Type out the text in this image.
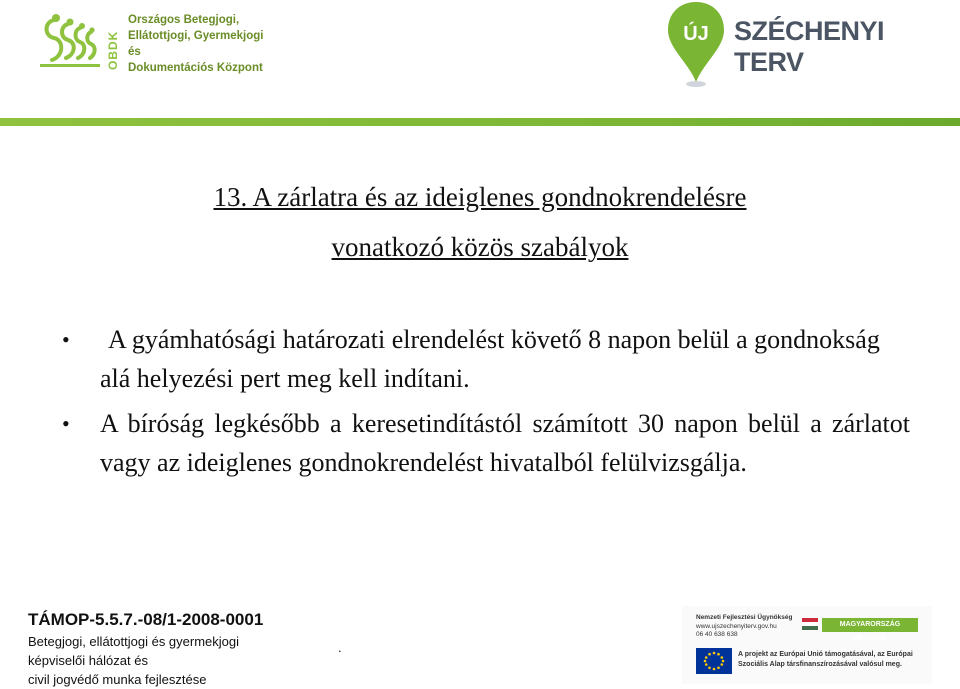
OBDK
Országos Betegjogi,
Ellátottjogi, Gyermekjogi és
Dokumentációs Központ
ÚJ SZÉCHENYI TERV
13. A zárlatra és az ideiglenes gondnokrendelésre
vonatkozó közös szabályok
• A gyámhatósági határozati elrendelést követő 8 napon belül a gondnokság alá helyezési pert meg kell indítani.
• A bíróság legkésőbb a keresetindítástól számított 30 napon belül a zárlatot vagy az ideiglenes gondnokrendelést hivatalból felülvizsgálja.
TÁMOP-5.5.7.-08/1-2008-0001
Betegjogi, ellátottjogi és gyermekjogi
képviselői hálózat és
civil jogvédő munka fejlesztése
.
Nemzeti Fejlesztési Ügynökség
www.ujszechenyiterv.gov.hu
06 40 638 638
MAGYARORSZÁG MEGÚJUL
A projekt az Európai Unió támogatásával, az Európai Szociális Alap társfinanszírozásával valósul meg.
